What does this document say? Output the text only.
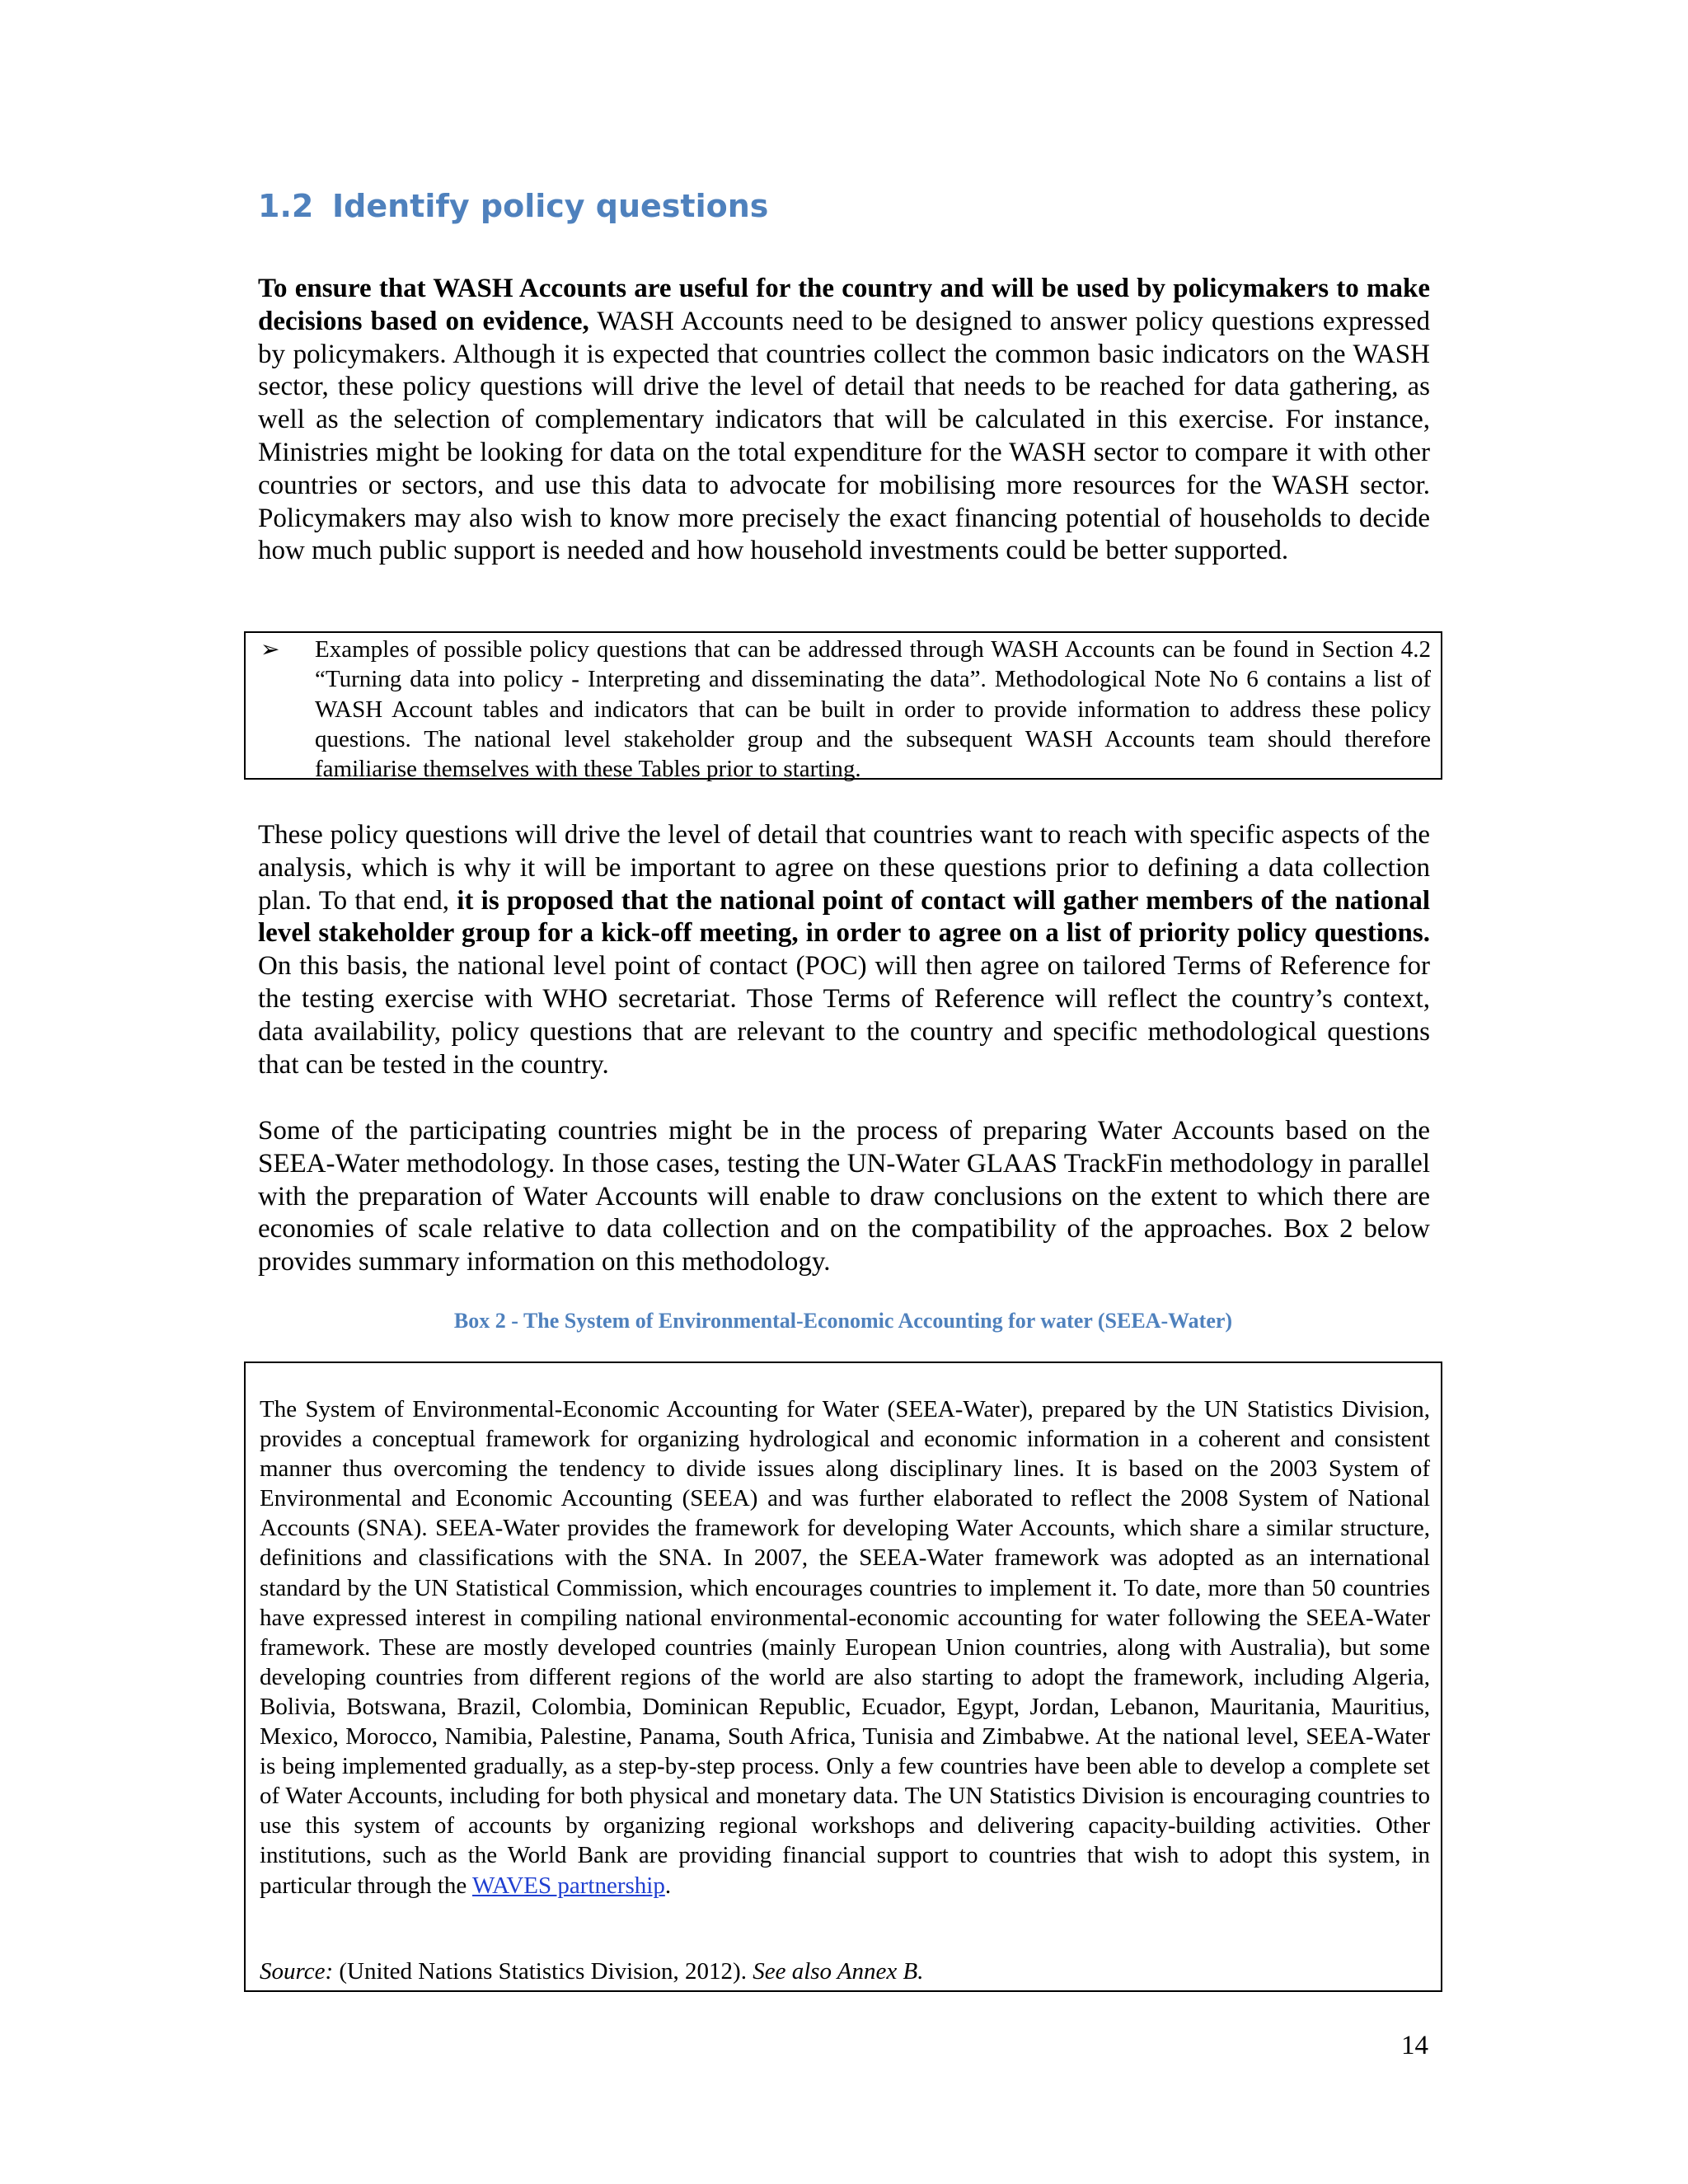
1.2 Identify policy questions

To ensure that WASH Accounts are useful for the country and will be used by policymakers to make decisions based on evidence, WASH Accounts need to be designed to answer policy questions expressed by policymakers. Although it is expected that countries collect the common basic indicators on the WASH sector, these policy questions will drive the level of detail that needs to be reached for data gathering, as well as the selection of complementary indicators that will be calculated in this exercise. For instance, Ministries might be looking for data on the total expenditure for the WASH sector to compare it with other countries or sectors, and use this data to advocate for mobilising more resources for the WASH sector. Policymakers may also wish to know more precisely the exact financing potential of households to decide how much public support is needed and how household investments could be better supported.

➢ Examples of possible policy questions that can be addressed through WASH Accounts can be found in Section 4.2 “Turning data into policy - Interpreting and disseminating the data”. Methodological Note No 6 contains a list of WASH Account tables and indicators that can be built in order to provide information to address these policy questions. The national level stakeholder group and the subsequent WASH Accounts team should therefore familiarise themselves with these Tables prior to starting.

These policy questions will drive the level of detail that countries want to reach with specific aspects of the analysis, which is why it will be important to agree on these questions prior to defining a data collection plan. To that end, it is proposed that the national point of contact will gather members of the national level stakeholder group for a kick-off meeting, in order to agree on a list of priority policy questions. On this basis, the national level point of contact (POC) will then agree on tailored Terms of Reference for the testing exercise with WHO secretariat. Those Terms of Reference will reflect the country’s context, data availability, policy questions that are relevant to the country and specific methodological questions that can be tested in the country.

Some of the participating countries might be in the process of preparing Water Accounts based on the SEEA-Water methodology. In those cases, testing the UN-Water GLAAS TrackFin methodology in parallel with the preparation of Water Accounts will enable to draw conclusions on the extent to which there are economies of scale relative to data collection and on the compatibility of the approaches. Box 2 below provides summary information on this methodology.

Box 2 - The System of Environmental-Economic Accounting for water (SEEA-Water)

The System of Environmental-Economic Accounting for Water (SEEA-Water), prepared by the UN Statistics Division, provides a conceptual framework for organizing hydrological and economic information in a coherent and consistent manner thus overcoming the tendency to divide issues along disciplinary lines. It is based on the 2003 System of Environmental and Economic Accounting (SEEA) and was further elaborated to reflect the 2008 System of National Accounts (SNA). SEEA-Water provides the framework for developing Water Accounts, which share a similar structure, definitions and classifications with the SNA. In 2007, the SEEA-Water framework was adopted as an international standard by the UN Statistical Commission, which encourages countries to implement it. To date, more than 50 countries have expressed interest in compiling national environmental-economic accounting for water following the SEEA-Water framework. These are mostly developed countries (mainly European Union countries, along with Australia), but some developing countries from different regions of the world are also starting to adopt the framework, including Algeria, Bolivia, Botswana, Brazil, Colombia, Dominican Republic, Ecuador, Egypt, Jordan, Lebanon, Mauritania, Mauritius, Mexico, Morocco, Namibia, Palestine, Panama, South Africa, Tunisia and Zimbabwe. At the national level, SEEA-Water is being implemented gradually, as a step-by-step process. Only a few countries have been able to develop a complete set of Water Accounts, including for both physical and monetary data. The UN Statistics Division is encouraging countries to use this system of accounts by organizing regional workshops and delivering capacity-building activities. Other institutions, such as the World Bank are providing financial support to countries that wish to adopt this system, in particular through the WAVES partnership.

Source: (United Nations Statistics Division, 2012). See also Annex B.

14
